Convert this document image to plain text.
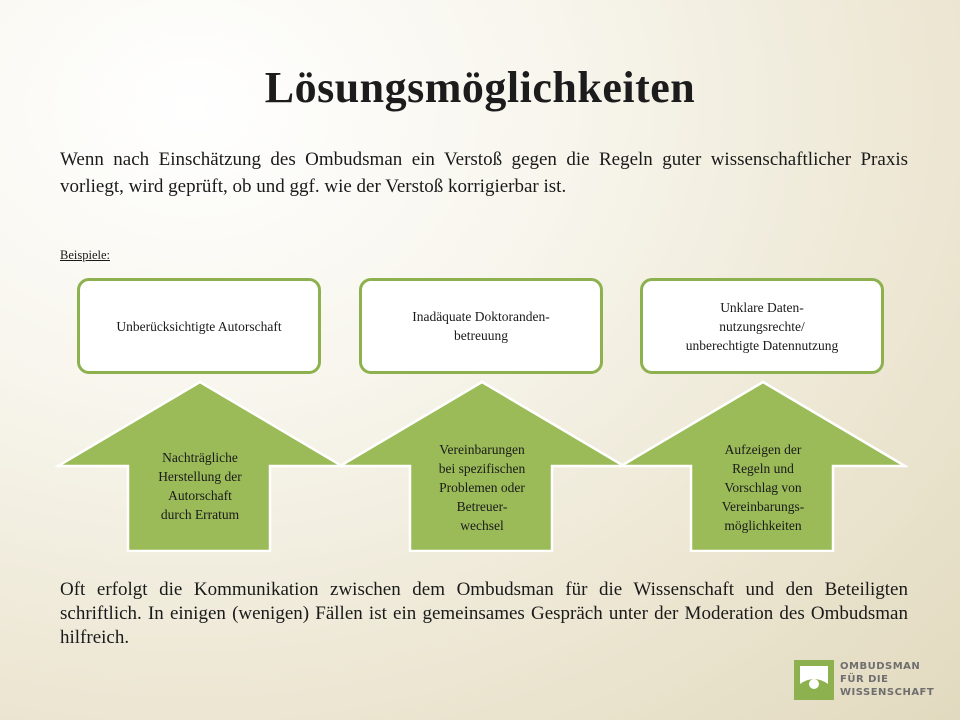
Lösungsmöglichkeiten

Wenn nach Einschätzung des Ombudsman ein Verstoß gegen die Regeln guter wissenschaftlicher Praxis vorliegt, wird geprüft, ob und ggf. wie der Verstoß korrigierbar ist.

Beispiele:

Unberücksichtigte Autorschaft
Inadäquate Doktoranden-
betreuung
Unklare Daten-
nutzungsrechte/
unberechtigte Datennutzung
Nachträgliche
Herstellung der
Autorschaft
durch Erratum
Vereinbarungen
bei spezifischen
Problemen oder
Betreuer-
wechsel
Aufzeigen der
Regeln und
Vorschlag von
Vereinbarungs-
möglichkeiten

Oft erfolgt die Kommunikation zwischen dem Ombudsman für die Wissenschaft und den Beteiligten schriftlich. In einigen (wenigen) Fällen ist ein gemeinsames Gespräch unter der Moderation des Ombudsman hilfreich.

OMBUDSMAN
FÜR DIE
WISSENSCHAFT
